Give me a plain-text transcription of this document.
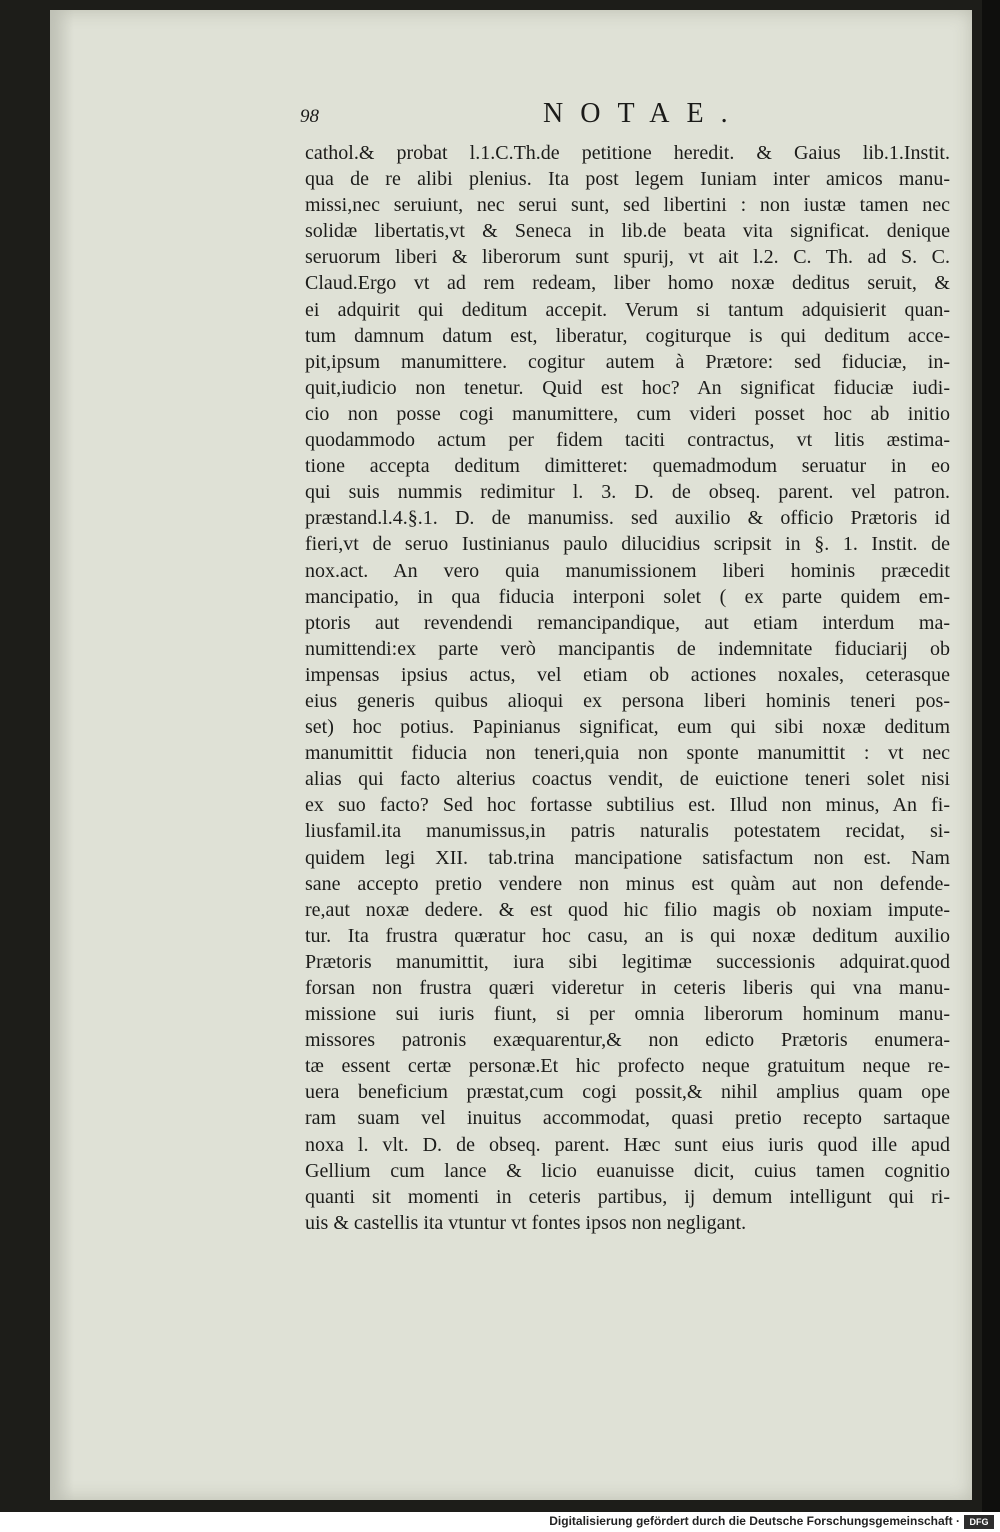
98	NOTAE.
cathol.& probat l.1.C.Th.de petitione heredit. & Gaius lib.1.Instit.
qua de re alibi plenius. Ita post legem Iuniam inter amicos manu-
missi,nec seruiunt, nec serui sunt, sed libertini : non iustæ tamen nec
solidæ libertatis,vt & Seneca in lib.de beata vita significat. denique
seruorum liberi & liberorum sunt spurij, vt ait l.2. C. Th. ad S. C.
Claud.Ergo vt ad rem redeam, liber homo noxæ deditus seruit, &
ei adquirit qui deditum accepit. Verum si tantum adquisierit quan-
tum damnum datum est, liberatur, cogiturque is qui deditum acce-
pit,ipsum manumittere. cogitur autem à Prætore: sed fiduciæ, in-
quit,iudicio non tenetur. Quid est hoc? An significat fiduciæ iudi-
cio non posse cogi manumittere, cum videri posset hoc ab initio
quodammodo actum per fidem taciti contractus, vt litis æstima-
tione accepta deditum dimitteret: quemadmodum seruatur in eo
qui suis nummis redimitur l. 3. D. de obseq. parent. vel patron.
præstand.l.4.§.1. D. de manumiss. sed auxilio & officio Prætoris id
fieri,vt de seruo Iustinianus paulo dilucidius scripsit in §. 1. Instit. de
nox.act. An vero quia manumissionem liberi hominis præcedit
mancipatio, in qua fiducia interponi solet ( ex parte quidem em-
ptoris aut revendendi remancipandique, aut etiam interdum ma-
numittendi:ex parte verò mancipantis de indemnitate fiduciarij ob
impensas ipsius actus, vel etiam ob actiones noxales, ceterasque
eius generis quibus alioqui ex persona liberi hominis teneri pos-
set) hoc potius. Papinianus significat, eum qui sibi noxæ deditum
manumittit fiducia non teneri,quia non sponte manumittit : vt nec
alias qui facto alterius coactus vendit, de euictione teneri solet nisi
ex suo facto? Sed hoc fortasse subtilius est. Illud non minus, An fi-
liusfamil.ita manumissus,in patris naturalis potestatem recidat, si-
quidem legi XII. tab.trina mancipatione satisfactum non est. Nam
sane accepto pretio vendere non minus est quàm aut non defende-
re,aut noxæ dedere. & est quod hic filio magis ob noxiam impute-
tur. Ita frustra quæratur hoc casu, an is qui noxæ deditum auxilio
Prætoris manumittit, iura sibi legitimæ successionis adquirat.quod
forsan non frustra quæri videretur in ceteris liberis qui vna manu-
missione sui iuris fiunt, si per omnia liberorum hominum manu-
missores patronis exæquarentur,& non edicto Prætoris enumera-
tæ essent certæ personæ.Et hic profecto neque gratuitum neque re-
uera beneficium præstat,cum cogi possit,& nihil amplius quam ope
ram suam vel inuitus accommodat, quasi pretio recepto sartaque
noxa l. vlt. D. de obseq. parent. Hæc sunt eius iuris quod ille apud
Gellium cum lance & licio euanuisse dicit, cuius tamen cognitio
quanti sit momenti in ceteris partibus, ij demum intelligunt qui ri-
uis & castellis ita vtuntur vt fontes ipsos non negligant.
Digitalisierung gefördert durch die Deutsche Forschungsgemeinschaft ·	DFG
